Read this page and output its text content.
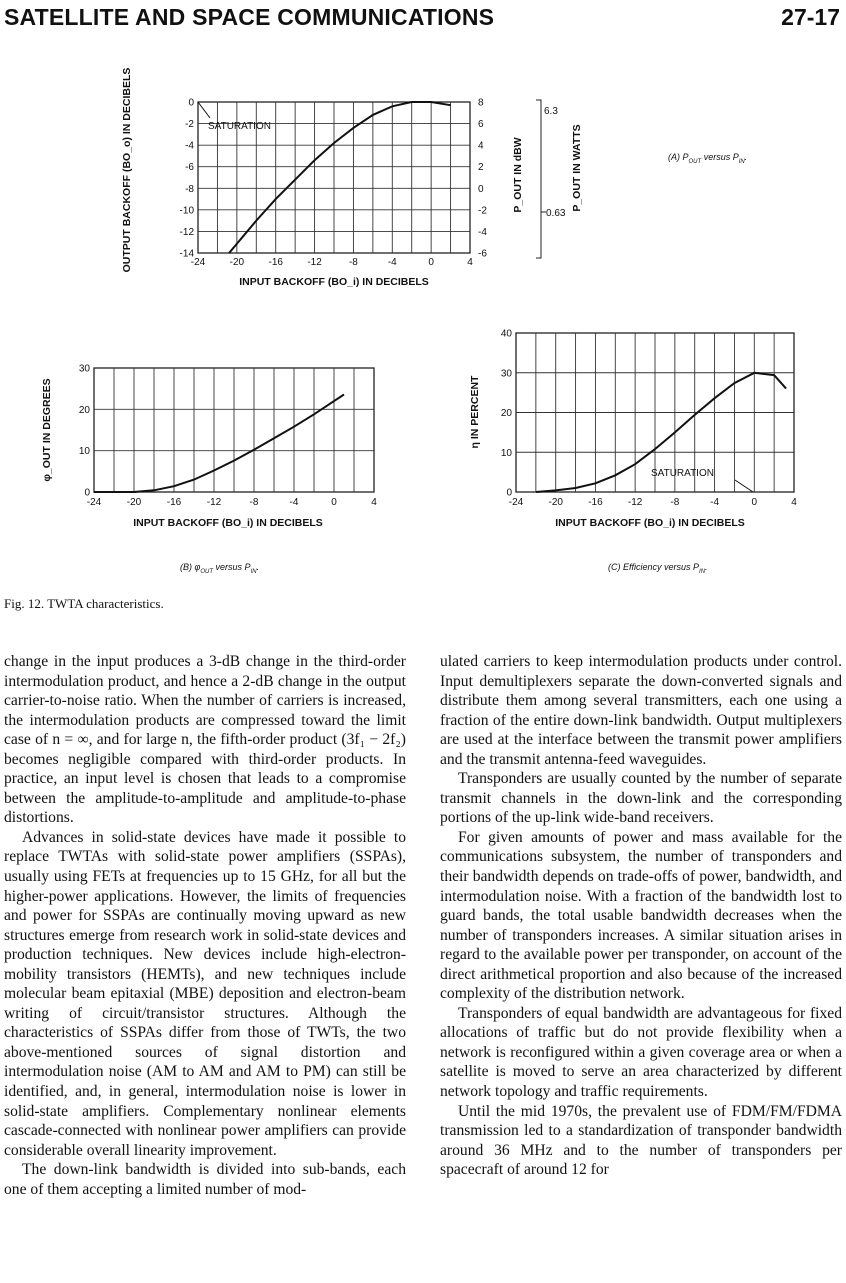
SATELLITE AND SPACE COMMUNICATIONS	27-17
-24 -20 -16 -12	-8	-4	0	4
0
-2
-4
-6
-8
-10
-12
-14
8
6
4
2
0
-2
-4
-6
6.3
0.63
SATURATION
INPUT BACKOFF (BO_i) IN DECIBELS
OUTPUT BACKOFF (BO_o) IN DECIBELS	P_OUT IN dBW	P_OUT IN WATTS
-24	-20	-16	-12	-8	-4	0	4
30
20
10
0
INPUT BACKOFF (BO_i) IN DECIBELS
φ_OUT IN DEGREES
-24	-20	-16	-12	-8	-4	0	4
40
30
20
10
0
SATURATION
INPUT BACKOFF (BO_i) IN DECIBELS
η IN PERCENT
(A) $P_{OUT}$ versus $P_{IN}$.
(B) $\varphi_{OUT}$ versus $P_{IN}$.	(C) Efficiency versus $P_{IN}$.
Fig. 12. TWTA characteristics.

change in the input produces a 3-dB change in the third-order intermodulation product, and hence a 2-dB change in the output carrier-to-noise ratio. When the number of carriers is increased, the intermodulation products are compressed toward the limit case of n = ∞, and for large n, the fifth-order product (3f₁ − 2f₂) becomes negligible compared with third-order products. In practice, an input level is chosen that leads to a compromise between the amplitude-to-amplitude and amplitude-to-phase distortions.

Advances in solid-state devices have made it possible to replace TWTAs with solid-state power amplifiers (SSPAs), usually using FETs at frequencies up to 15 GHz, for all but the higher-power applications. However, the limits of frequencies and power for SSPAs are continually moving upward as new structures emerge from research work in solid-state devices and production techniques. New devices include high-electron-mobility transistors (HEMTs), and new techniques include molecular beam epitaxial (MBE) deposition and electron-beam writing of circuit/transistor structures. Although the characteristics of SSPAs differ from those of TWTs, the two above-mentioned sources of signal distortion and intermodulation noise (AM to AM and AM to PM) can still be identified, and, in general, intermodulation noise is lower in solid-state amplifiers. Complementary nonlinear elements cascade-connected with nonlinear power amplifiers can provide considerable overall linearity improvement.

The down-link bandwidth is divided into sub-bands, each one of them accepting a limited number of mod-

ulated carriers to keep intermodulation products under control. Input demultiplexers separate the down-converted signals and distribute them among several transmitters, each one using a fraction of the entire down-link bandwidth. Output multiplexers are used at the interface between the transmit power amplifiers and the transmit antenna-feed waveguides.

Transponders are usually counted by the number of separate transmit channels in the down-link and the corresponding portions of the up-link wide-band receivers.

For given amounts of power and mass available for the communications subsystem, the number of transponders and their bandwidth depends on trade-offs of power, bandwidth, and intermodulation noise. With a fraction of the bandwidth lost to guard bands, the total usable bandwidth decreases when the number of transponders increases. A similar situation arises in regard to the available power per transponder, on account of the direct arithmetical proportion and also because of the increased complexity of the distribution network.

Transponders of equal bandwidth are advantageous for fixed allocations of traffic but do not provide flexibility when a network is reconfigured within a given coverage area or when a satellite is moved to serve an area characterized by different network topology and traffic requirements.

Until the mid 1970s, the prevalent use of FDM/FM/FDMA transmission led to a standardization of transponder bandwidth around 36 MHz and to the number of transponders per spacecraft of around 12 for
